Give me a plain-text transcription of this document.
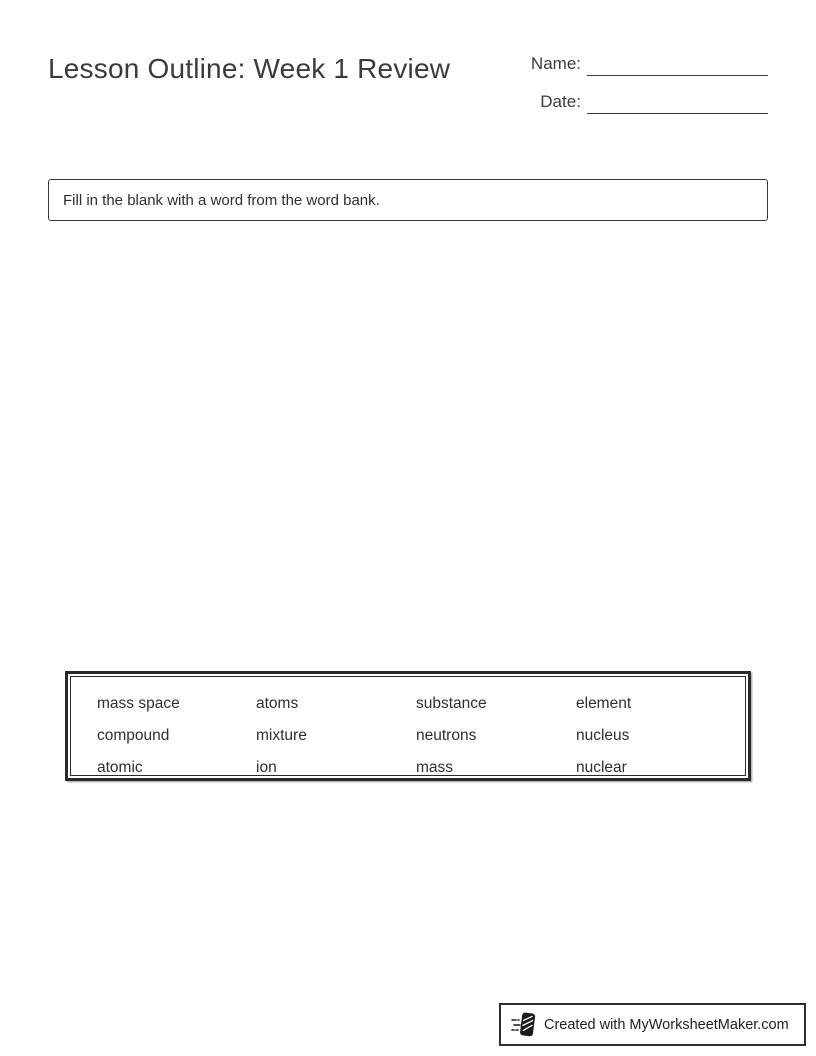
Lesson Outline: Week 1 Review	Name:
Date:
Fill in the blank with a word from the word bank.
mass space	atoms	substance	element
compound	mixture	neutrons	nucleus
atomic	ion	mass	nuclear
Created with MyWorksheetMaker.com
